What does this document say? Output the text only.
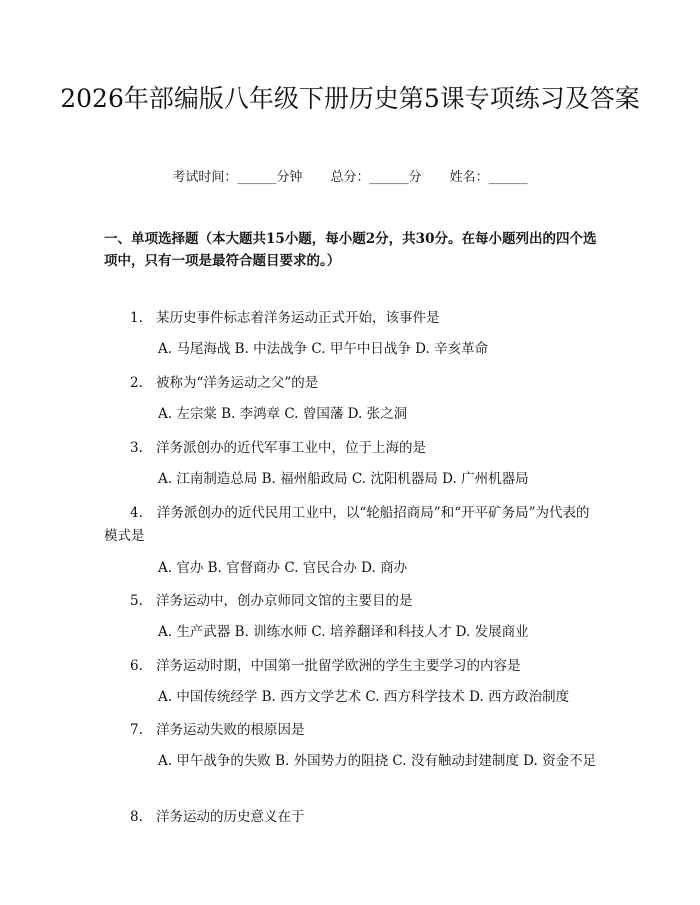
2026年部编版八年级下册历史第5课专项练习及答案
考试时间：______分钟 总分：______分 姓名：______

一、单项选择题（本大题共15小题，每小题2分，共30分。在每小题列出的四个选项中，只有一项是最符合题目要求的。）

1. 某历史事件标志着洋务运动正式开始，该事件是
A. 马尾海战 B. 中法战争 C. 甲午中日战争 D. 辛亥革命
2. 被称为“洋务运动之父”的是
A. 左宗棠 B. 李鸿章 C. 曾国藩 D. 张之洞
3. 洋务派创办的近代军事工业中，位于上海的是
A. 江南制造总局 B. 福州船政局 C. 沈阳机器局 D. 广州机器局
4. 洋务派创办的近代民用工业中，以“轮船招商局”和“开平矿务局”为代表的模式是
A. 官办 B. 官督商办 C. 官民合办 D. 商办
5. 洋务运动中，创办京师同文馆的主要目的是
A. 生产武器 B. 训练水师 C. 培养翻译和科技人才 D. 发展商业
6. 洋务运动时期，中国第一批留学欧洲的学生主要学习的内容是
A. 中国传统经学 B. 西方文学艺术 C. 西方科学技术 D. 西方政治制度
7. 洋务运动失败的根原因是
A. 甲午战争的失败 B. 外国势力的阻挠 C. 没有触动封建制度 D. 资金不足
8. 洋务运动的历史意义在于
